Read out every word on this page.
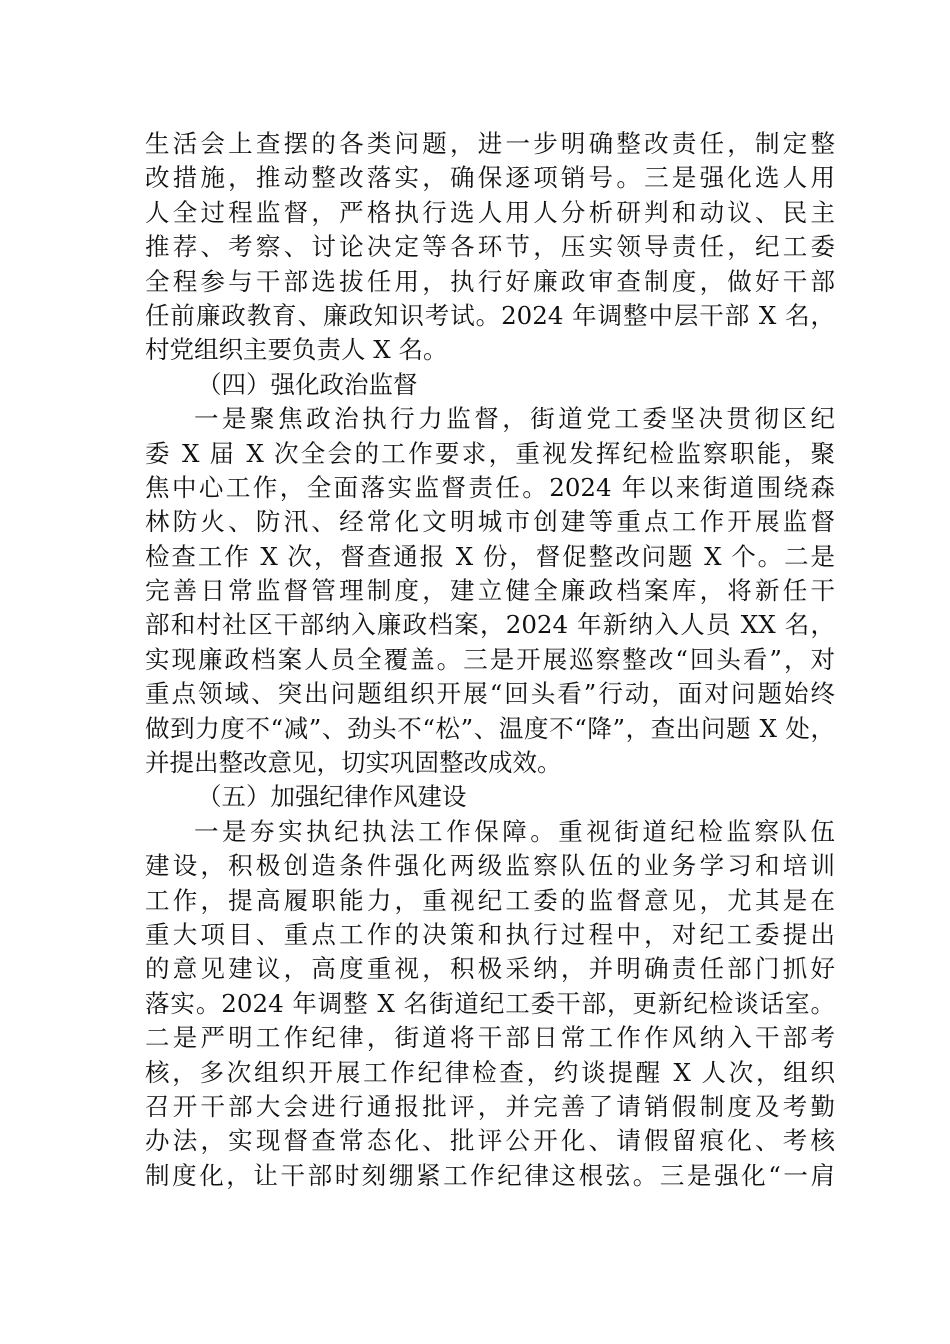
生活会上查摆的各类问题，进一步明确整改责任，制定整
改措施，推动整改落实，确保逐项销号。三是强化选人用
人全过程监督，严格执行选人用人分析研判和动议、民主
推荐、考察、讨论决定等各环节，压实领导责任，纪工委
全程参与干部选拔任用，执行好廉政审查制度，做好干部
任前廉政教育、廉政知识考试。2024 年调整中层干部 X 名，
村党组织主要负责人 X 名。
（四）强化政治监督
一是聚焦政治执行力监督，街道党工委坚决贯彻区纪
委 X 届 X 次全会的工作要求，重视发挥纪检监察职能，聚
焦中心工作，全面落实监督责任。2024 年以来街道围绕森
林防火、防汛、经常化文明城市创建等重点工作开展监督
检查工作 X 次，督查通报 X 份，督促整改问题 X 个。二是
完善日常监督管理制度，建立健全廉政档案库，将新任干
部和村社区干部纳入廉政档案，2024 年新纳入人员 XX 名，
实现廉政档案人员全覆盖。三是开展巡察整改“回头看”，对
重点领域、突出问题组织开展“回头看”行动，面对问题始终
做到力度不“减”、劲头不“松”、温度不“降”，查出问题 X 处，
并提出整改意见，切实巩固整改成效。
（五）加强纪律作风建设
一是夯实执纪执法工作保障。重视街道纪检监察队伍
建设，积极创造条件强化两级监察队伍的业务学习和培训
工作，提高履职能力，重视纪工委的监督意见，尤其是在
重大项目、重点工作的决策和执行过程中，对纪工委提出
的意见建议，高度重视，积极采纳，并明确责任部门抓好
落实。2024 年调整 X 名街道纪工委干部，更新纪检谈话室。
二是严明工作纪律，街道将干部日常工作作风纳入干部考
核，多次组织开展工作纪律检查，约谈提醒 X 人次，组织
召开干部大会进行通报批评，并完善了请销假制度及考勤
办法，实现督查常态化、批评公开化、请假留痕化、考核
制度化，让干部时刻绷紧工作纪律这根弦。三是强化“一肩
